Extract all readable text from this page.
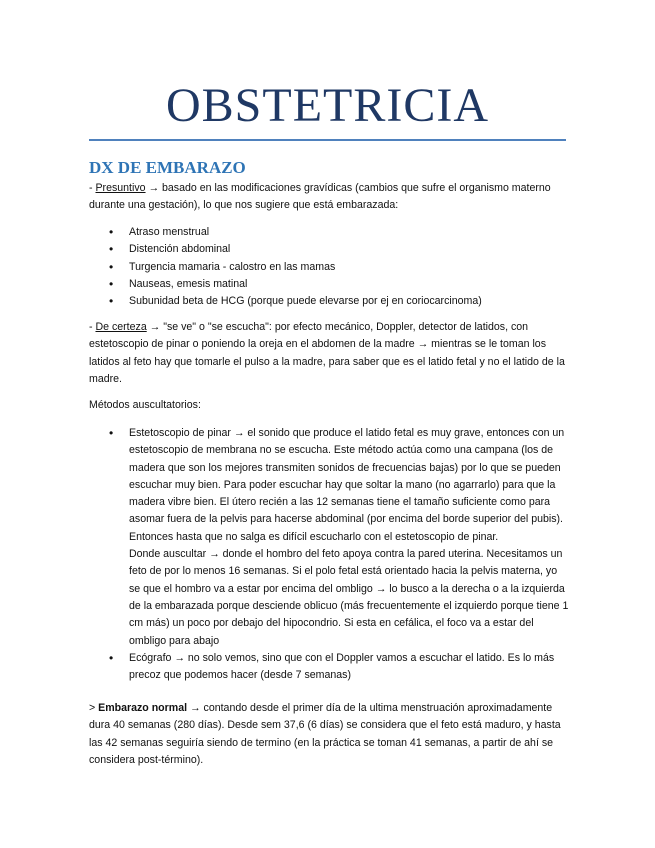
OBSTETRICIA
DX DE EMBARAZO

- Presuntivo → basado en las modificaciones gravídicas (cambios que sufre el organismo materno durante una gestación), lo que nos sugiere que está embarazada:

• Atraso menstrual
• Distención abdominal
• Turgencia mamaria - calostro en las mamas
• Nauseas, emesis matinal
• Subunidad beta de HCG (porque puede elevarse por ej en coriocarcinoma)

- De certeza → "se ve" o "se escucha": por efecto mecánico, Doppler, detector de latidos, con estetoscopio de pinar o poniendo la oreja en el abdomen de la madre → mientras se le toman los latidos al feto hay que tomarle el pulso a la madre, para saber que es el latido fetal y no el latido de la madre.

Métodos auscultatorios:

• Estetoscopio de pinar → el sonido que produce el latido fetal es muy grave, entonces con un estetoscopio de membrana no se escucha. Este método actúa como una campana (los de madera que son los mejores transmiten sonidos de frecuencias bajas) por lo que se pueden escuchar muy bien. Para poder escuchar hay que soltar la mano (no agarrarlo) para que la madera vibre bien. El útero recién a las 12 semanas tiene el tamaño suficiente como para asomar fuera de la pelvis para hacerse abdominal (por encima del borde superior del pubis). Entonces hasta que no salga es difícil escucharlo con el estetoscopio de pinar.

Donde auscultar → donde el hombro del feto apoya contra la pared uterina. Necesitamos un feto de por lo menos 16 semanas. Si el polo fetal está orientado hacia la pelvis materna, yo se que el hombro va a estar por encima del ombligo → lo busco a la derecha o a la izquierda de la embarazada porque desciende oblicuo (más frecuentemente el izquierdo porque tiene 1 cm más) un poco por debajo del hipocondrio. Si esta en cefálica, el foco va a estar del ombligo para abajo

• Ecógrafo → no solo vemos, sino que con el Doppler vamos a escuchar el latido. Es lo más precoz que podemos hacer (desde 7 semanas)

> Embarazo normal → contando desde el primer día de la ultima menstruación aproximadamente dura 40 semanas (280 días). Desde sem 37,6 (6 días) se considera que el feto está maduro, y hasta las 42 semanas seguiría siendo de termino (en la práctica se toman 41 semanas, a partir de ahí se considera post-término).
